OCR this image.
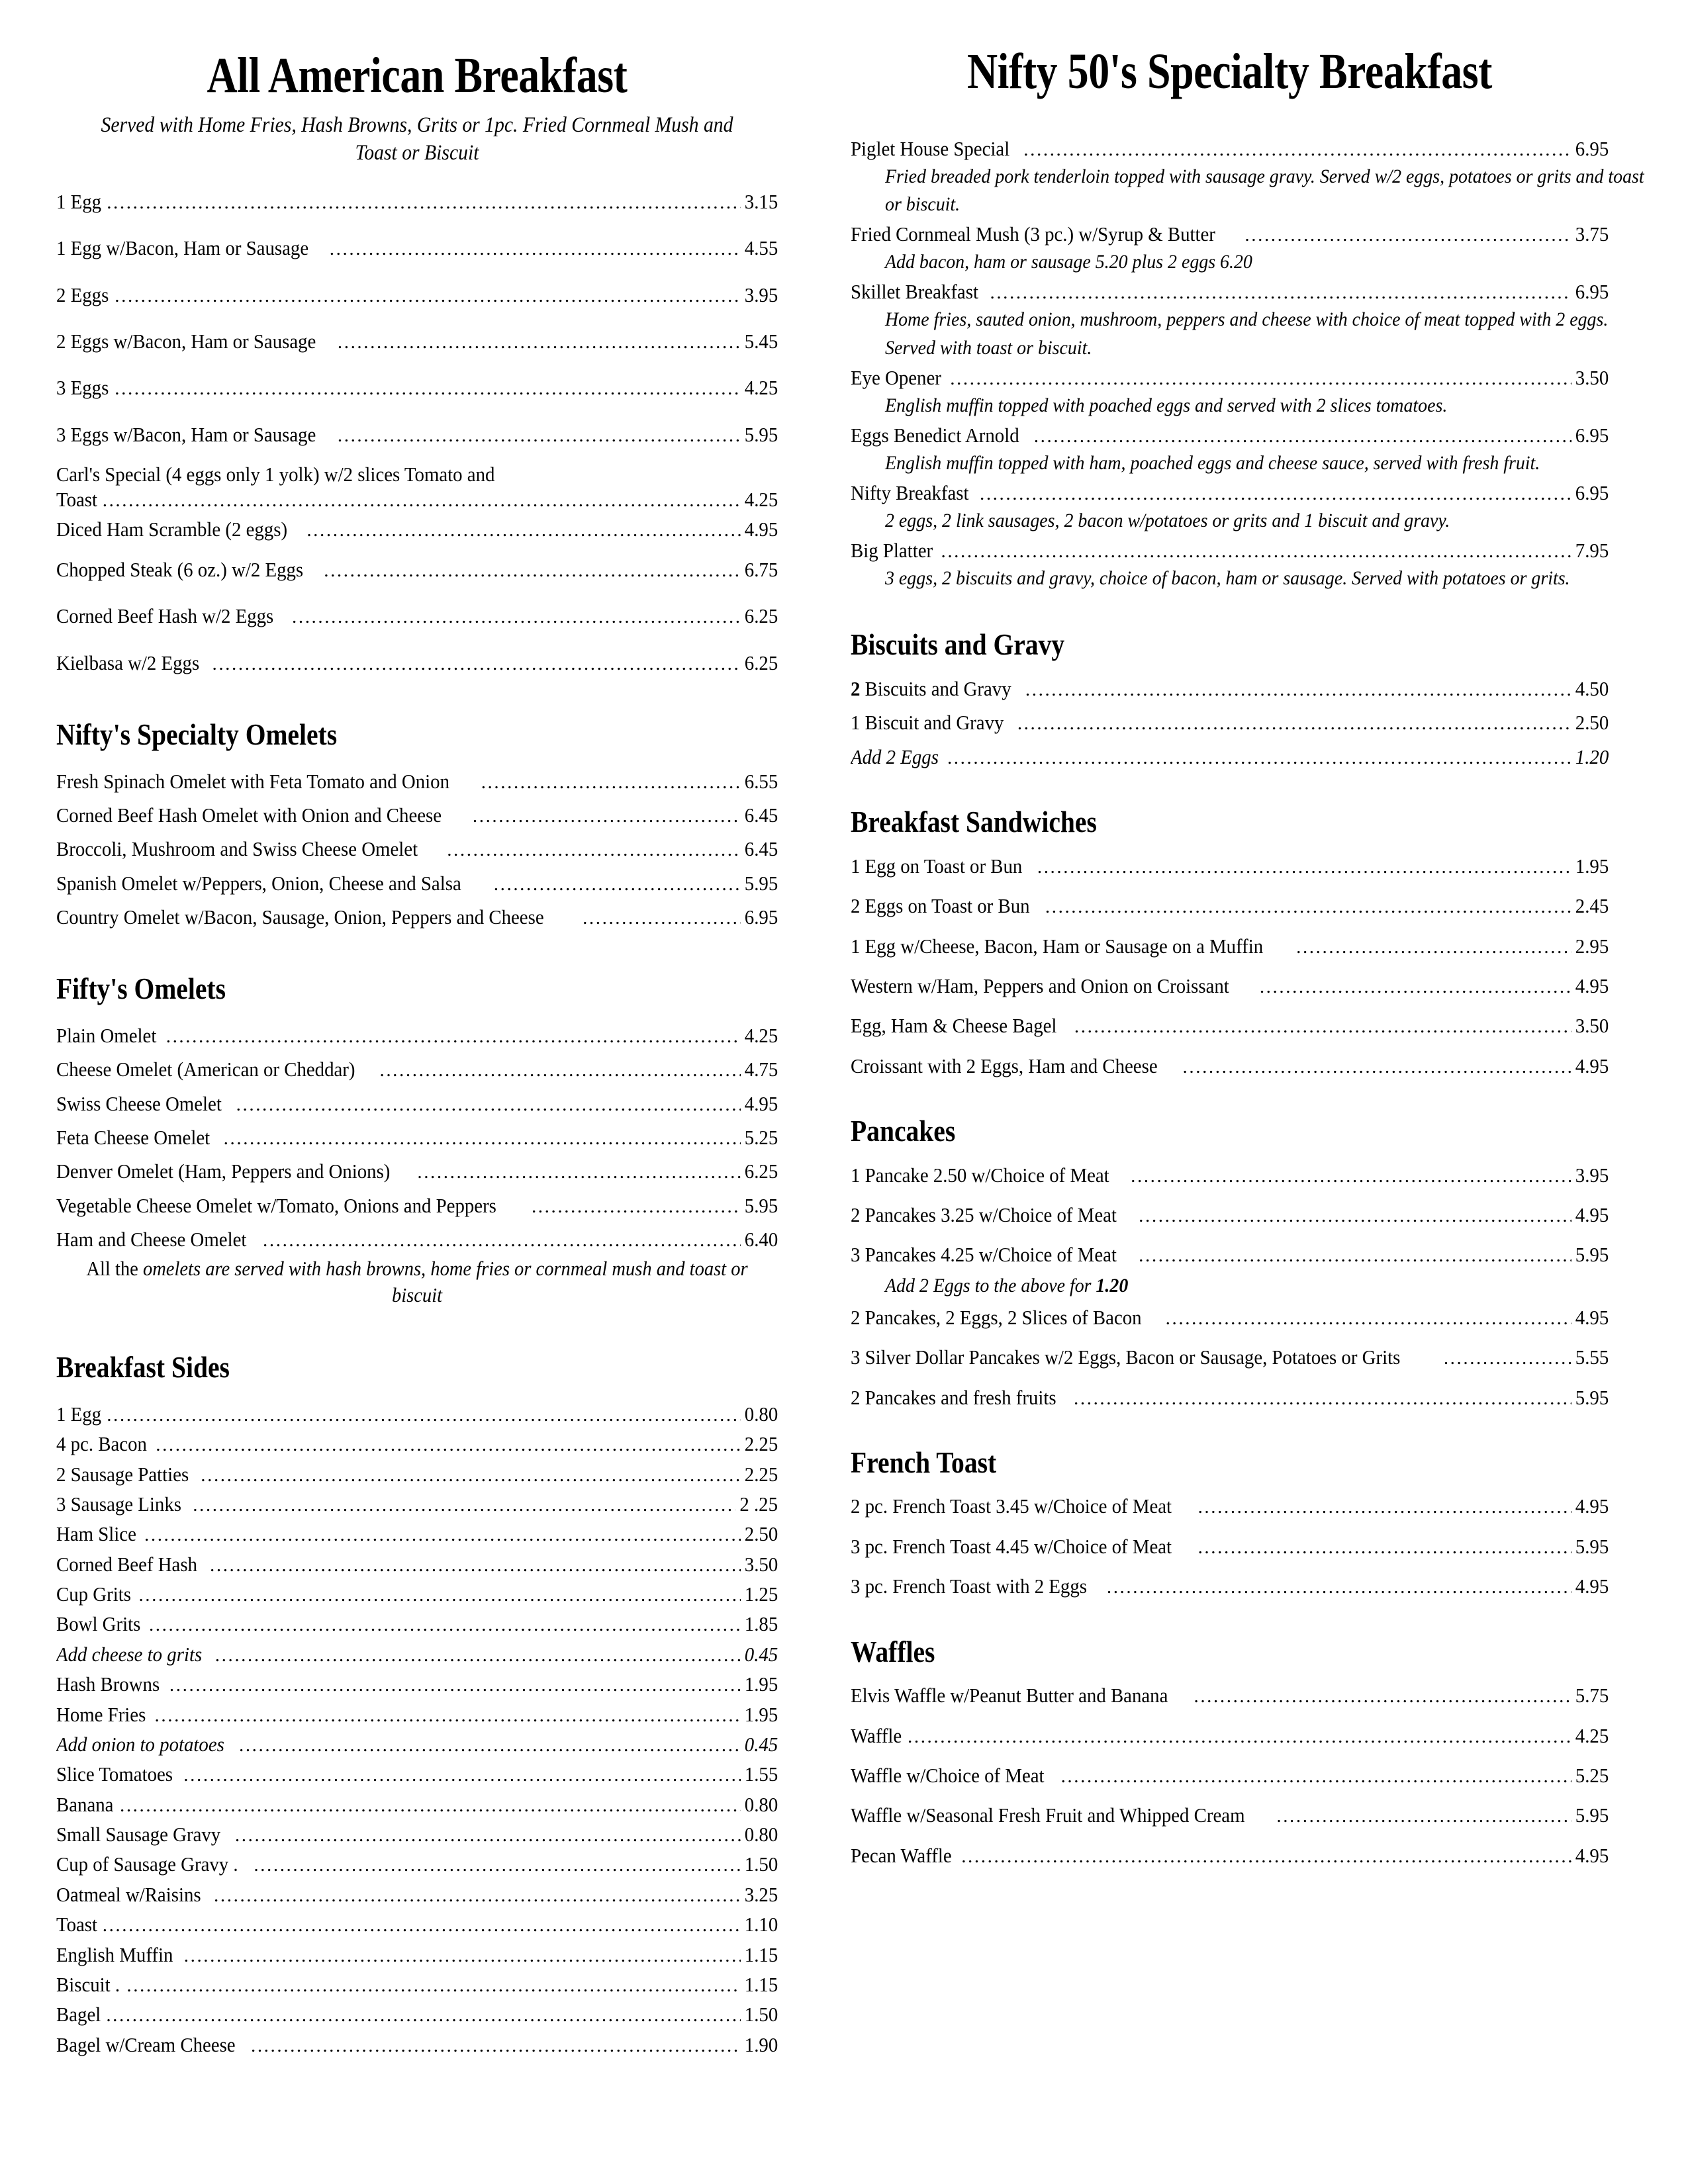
All American Breakfast
Served with Home Fries, Hash Browns, Grits or 1pc. Fried Cornmeal Mush and Toast or Biscuit
1 Egg .....	3.15
1 Egg w/Bacon, Ham or Sausage .....	4.55
2 Eggs .....	3.95
2 Eggs w/Bacon, Ham or Sausage .....	5.45
3 Eggs .....	4.25
3 Eggs w/Bacon, Ham or Sausage .....	5.95
Carl's Special (4 eggs only 1 yolk) w/2 slices Tomato and
Toast .....	4.25
Diced Ham Scramble (2 eggs) .....	4.95
Chopped Steak (6 oz.) w/2 Eggs .....	6.75
Corned Beef Hash w/2 Eggs .....	6.25
Kielbasa w/2 Eggs .....	6.25
Nifty's Specialty Omelets
Fresh Spinach Omelet with Feta Tomato and Onion .....	6.55
Corned Beef Hash Omelet with Onion and Cheese .....	6.45
Broccoli, Mushroom and Swiss Cheese Omelet .....	6.45
Spanish Omelet w/Peppers, Onion, Cheese and Salsa .....	5.95
Country Omelet w/Bacon, Sausage, Onion, Peppers and Cheese .....	6.95
Fifty's Omelets
Plain Omelet .....	4.25
Cheese Omelet (American or Cheddar) .....	4.75
Swiss Cheese Omelet .....	4.95
Feta Cheese Omelet .....	5.25
Denver Omelet (Ham, Peppers and Onions) .....	6.25
Vegetable Cheese Omelet w/Tomato, Onions and Peppers .....	5.95
Ham and Cheese Omelet .....	6.40
All the omelets are served with hash browns, home fries or cornmeal mush and toast or biscuit
Breakfast Sides
1 Egg .....	0.80
4 pc. Bacon .....	2.25
2 Sausage Patties .....	2.25
3 Sausage Links .....	2 .25
Ham Slice .....	2.50
Corned Beef Hash .....	3.50
Cup Grits .....	1.25
Bowl Grits .....	1.85
Add cheese to grits .....	0.45
Hash Browns .....	1.95
Home Fries .....	1.95
Add onion to potatoes .....	0.45
Slice Tomatoes .....	1.55
Banana .....	0.80
Small Sausage Gravy .....	0.80
Cup of Sausage Gravy . .....	1.50
Oatmeal w/Raisins .....	3.25
Toast .....	1.10
English Muffin .....	1.15
Biscuit . .....	1.15
Bagel .....	1.50
Bagel w/Cream Cheese .....	1.90
Nifty 50's Specialty Breakfast
Piglet House Special .....	6.95
Fried breaded pork tenderloin topped with sausage gravy. Served w/2 eggs, potatoes or grits and toast or biscuit.
Fried Cornmeal Mush (3 pc.) w/Syrup & Butter .....	3.75
Add bacon, ham or sausage 5.20 plus 2 eggs 6.20
Skillet Breakfast .....	6.95
Home fries, sauted onion, mushroom, peppers and cheese with choice of meat topped with 2 eggs. Served with toast or biscuit.
Eye Opener .....	3.50
English muffin topped with poached eggs and served with 2 slices tomatoes.
Eggs Benedict Arnold .....	6.95
English muffin topped with ham, poached eggs and cheese sauce, served with fresh fruit.
Nifty Breakfast .....	6.95
2 eggs, 2 link sausages, 2 bacon w/potatoes or grits and 1 biscuit and gravy.
Big Platter .....	7.95
3 eggs, 2 biscuits and gravy, choice of bacon, ham or sausage. Served with potatoes or grits.
Biscuits and Gravy
2 Biscuits and Gravy .....	4.50
1 Biscuit and Gravy .....	2.50
Add 2 Eggs .....	1.20
Breakfast Sandwiches
1 Egg on Toast or Bun .....	1.95
2 Eggs on Toast or Bun .....	2.45
1 Egg w/Cheese, Bacon, Ham or Sausage on a Muffin .....	2.95
Western w/Ham, Peppers and Onion on Croissant .....	4.95
Egg, Ham & Cheese Bagel .....	3.50
Croissant with 2 Eggs, Ham and Cheese .....	4.95
Pancakes
1 Pancake 2.50 w/Choice of Meat .....	3.95
2 Pancakes 3.25 w/Choice of Meat .....	4.95
3 Pancakes 4.25 w/Choice of Meat .....	5.95
Add 2 Eggs to the above for 1.20
2 Pancakes, 2 Eggs, 2 Slices of Bacon .....	4.95
3 Silver Dollar Pancakes w/2 Eggs, Bacon or Sausage, Potatoes or Grits .....	5.55
2 Pancakes and fresh fruits .....	5.95
French Toast
2 pc. French Toast 3.45 w/Choice of Meat .....	4.95
3 pc. French Toast 4.45 w/Choice of Meat .....	5.95
3 pc. French Toast with 2 Eggs .....	4.95
Waffles
Elvis Waffle w/Peanut Butter and Banana .....	5.75
Waffle .....	4.25
Waffle w/Choice of Meat .....	5.25
Waffle w/Seasonal Fresh Fruit and Whipped Cream .....	5.95
Pecan Waffle .....	4.95
